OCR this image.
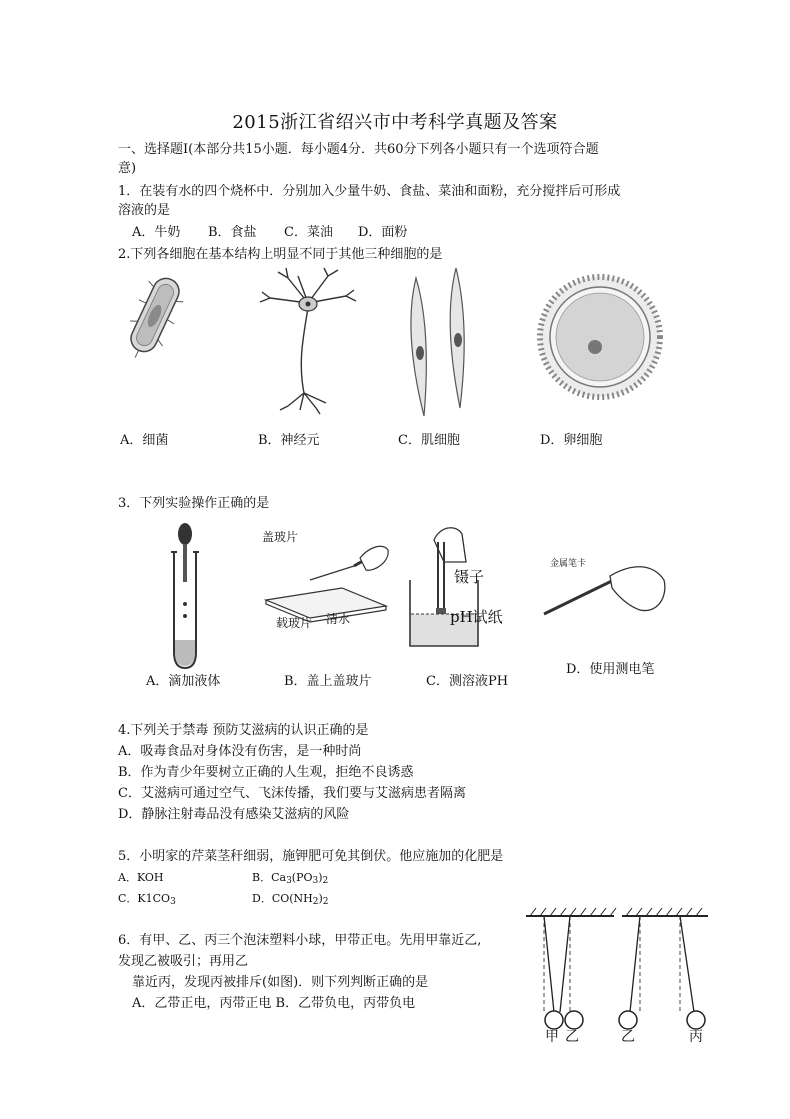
2015浙江省绍兴市中考科学真题及答案
一、选择题Ⅰ(本部分共15小题．每小题4分．共60分下列各小题只有一个选项符合题
意)
1．在装有水的四个烧杯中．分别加入少量牛奶、食盐、菜油和面粉，充分搅拌后可形成
溶液的是
A．牛奶 B．食盐 C．菜油 D．面粉
2.下列各细胞在基本结构上明显不同于其他三种细胞的是
A．细菌	B．神经元	C．肌细胞	D．卵细胞
3．下列实验操作正确的是
盖玻片
载玻片 清水
镊子
pH试纸
金属笔卡
A．滴加液体	B．盖上盖玻片	C．测溶液PH
D．使用测电笔
4.下列关于禁毒 预防艾滋病的认识正确的是
A．吸毒食品对身体没有伤害，是一种时尚
B．作为青少年要树立正确的人生观，拒绝不良诱惑
C．艾滋病可通过空气、飞沫传播，我们要与艾滋病患者隔离
D．静脉注射毒品没有感染艾滋病的风险
5．小明家的芹菜茎秆细弱，施钾肥可免其倒伏。他应施加的化肥是
A．KOH	B．$Ca_3(PO_3)_2$
C．$K1CO_3$	D．$CO(NH_2)_2$
6．有甲、乙、丙三个泡沫塑料小球，甲带正电。先用甲靠近乙,
发现乙被吸引；再用乙
靠近丙，发现丙被排斥(如图)．则下列判断正确的是
A．乙带正电，丙带正电 B．乙带负电，丙带负电
甲 乙	乙	丙
